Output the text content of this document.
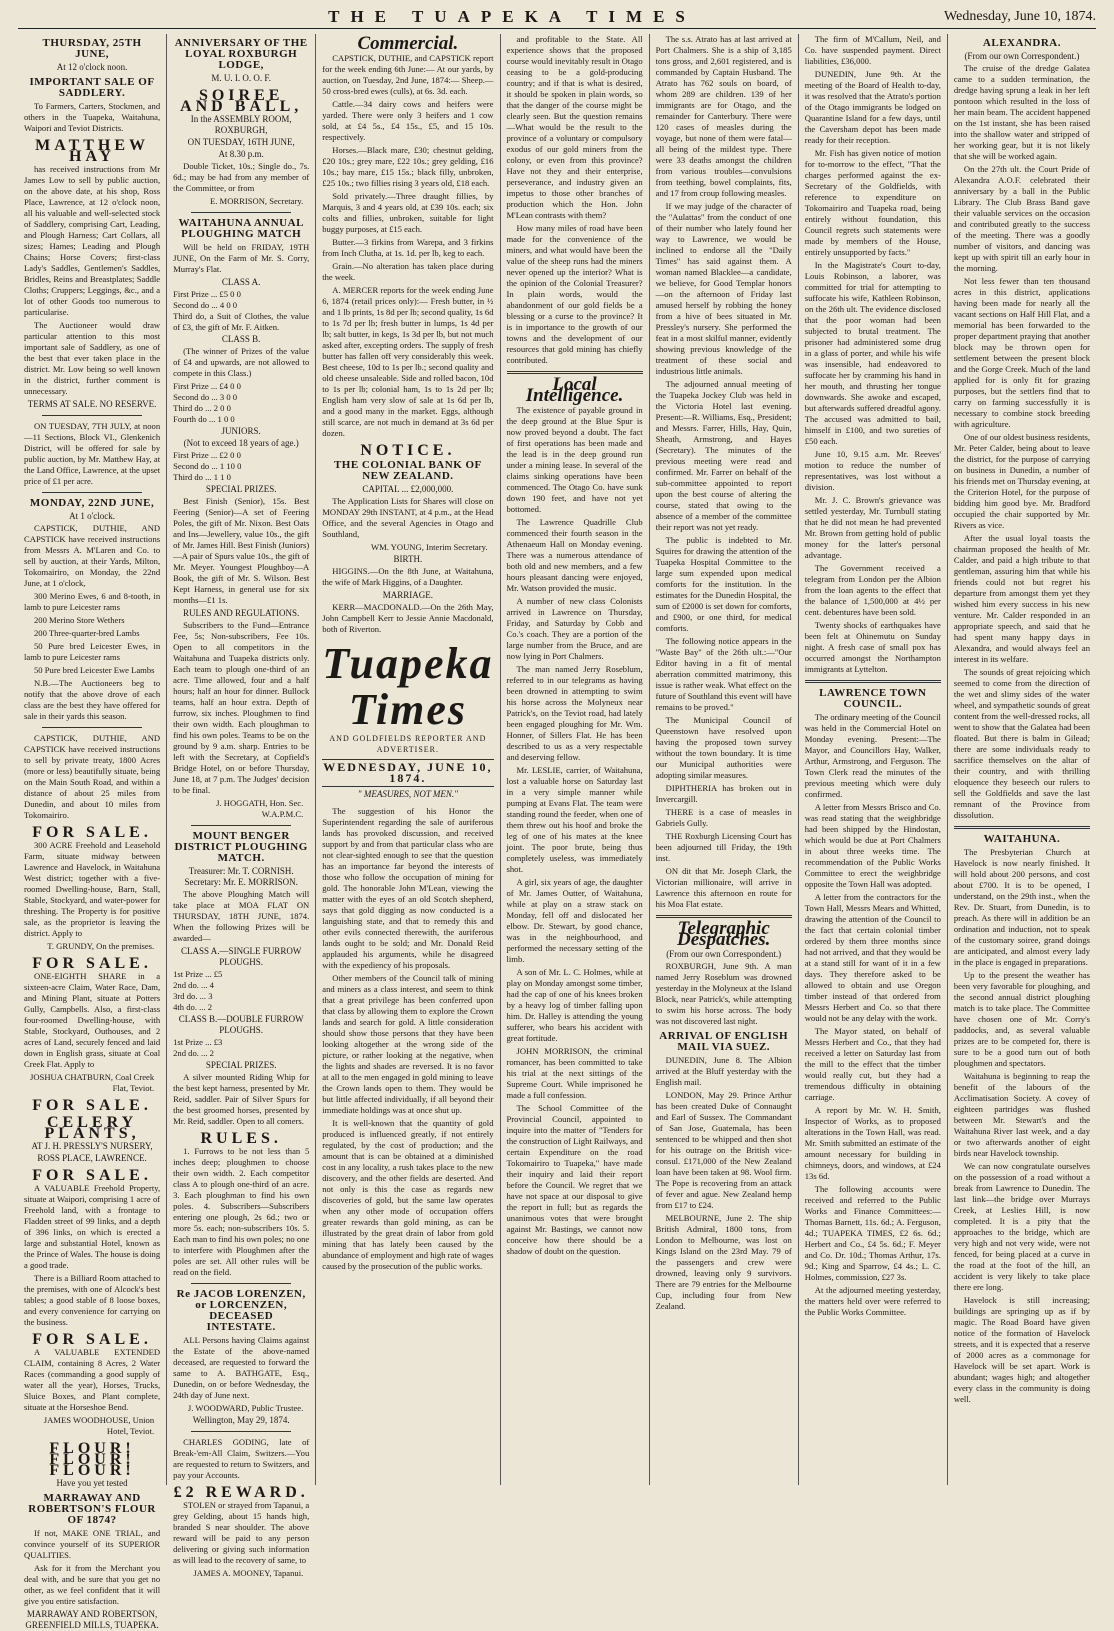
THE TUAPEKA TIMES	Wednesday, June 10, 1874.
THURSDAY, 25TH JUNE,
At 12 o'clock noon.
IMPORTANT SALE OF SADDLERY.

To Farmers, Carters, Stockmen, and others in the Tuapeka, Waitahuna, Waipori and Teviot Districts.

MATTHEW HAY

has received instructions from Mr James Low to sell by public auction, on the above date, at his shop, Ross Place, Lawrence, at 12 o'clock noon, all his valuable and well-selected stock of Saddlery, comprising Cart, Leading, and Plough Harness; Cart Collars, all sizes; Hames; Leading and Plough Chains; Horse Covers; first-class Lady's Saddles, Gentlemen's Saddles, Bridles, Reins and Breastplates; Saddle Cloths; Cruppers; Leggings, &c., and a lot of other Goods too numerous to particularise.

The Auctioneer would draw particular attention to this most important sale of Saddlery, as one of the best that ever taken place in the district. Mr. Low being so well known in the district, further comment is unnecessary.

TERMS AT SALE. NO RESERVE.

ON TUESDAY, 7TH JULY, at noon—11 Sections, Block VI., Glenkenich District, will be offered for sale by public auction, by Mr. Matthew Hay, at the Land Office, Lawrence, at the upset price of £1 per acre.

MONDAY, 22ND JUNE,
At 1 o'clock.

CAPSTICK, DUTHIE, AND CAPSTICK have received instructions from Messrs A. M'Laren and Co. to sell by auction, at their Yards, Milton, Tokomairiro, on Monday, the 22nd June, at 1 o'clock,

300 Merino Ewes, 6 and 8-tooth, in lamb to pure Leicester rams

200 Merino Store Wethers

200 Three-quarter-bred Lambs

50 Pure bred Leicester Ewes, in lamb to pure Leicester rams

50 Pure bred Leicester Ewe Lambs

N.B.—The Auctioneers beg to notify that the above drove of each class are the best they have offered for sale in their yards this season.

CAPSTICK, DUTHIE, AND CAPSTICK have received instructions to sell by private treaty, 1800 Acres (more or less) beautifully situate, being on the Main South Road, and within a distance of about 25 miles from Dunedin, and about 10 miles from Tokomairiro.

FOR SALE.

300 ACRE Freehold and Leasehold Farm, situate midway between Lawrence and Havelock, in Waitahuna West district; together with a five-roomed Dwelling-house, Barn, Stall, Stable, Stockyard, and water-power for threshing. The Property is for positive sale, as the proprietor is leaving the district. Apply to

T. GRUNDY, On the premises.
FOR SALE.

ONE-EIGHTH SHARE in a sixteen-acre Claim, Water Race, Dam, and Mining Plant, situate at Potters Gully, Campbells. Also, a first-class four-roomed Dwelling-house, with Stable, Stockyard, Outhouses, and 2 acres of Land, securely fenced and laid down in English grass, situate at Coal Creek Flat. Apply to

JOSHUA CHATBURN, Coal Creek Flat, Teviot.
FOR SALE.
CELERY PLANTS,
AT J. H. PRESSLY'S NURSERY,
ROSS PLACE, LAWRENCE.
FOR SALE.

A VALUABLE Freehold Property, situate at Waipori, comprising 1 acre of Freehold land, with a frontage to Fladden street of 99 links, and a depth of 396 links, on which is erected a large and substantial Hotel, known as the Prince of Wales. The house is doing a good trade.

There is a Billiard Room attached to the premises, with one of Alcock's best tables; a good stable of 8 loose boxes, and every convenience for carrying on the business.

FOR SALE.

A VALUABLE EXTENDED CLAIM, containing 8 Acres, 2 Water Races (commanding a good supply of water all the year), Horses, Trucks, Sluice Boxes, and Plant complete, situate at the Horseshoe Bend.

JAMES WOODHOUSE, Union Hotel, Teviot.
FLOUR! FLOUR! FLOUR!
Have you yet tested
MARRAWAY AND ROBERTSON'S FLOUR OF 1874?

If not, MAKE ONE TRIAL, and convince yourself of its SUPERIOR QUALITIES.

Ask for it from the Merchant you deal with, and be sure that you get no other, as we feel confident that it will give you entire satisfaction.

MARRAWAY AND ROBERTSON, GREENFIELD MILLS, TUAPEKA.
ANNIVERSARY OF THE LOYAL ROXBURGH LODGE,
M. U. I. O. O. F.
SOIREE AND BALL,
In the ASSEMBLY ROOM, ROXBURGH,
ON TUESDAY, 16TH JUNE,
At 8.30 p.m.

Double Ticket, 10s.; Single do., 7s. 6d.; may be had from any member of the Committee, or from

E. MORRISON, Secretary.
WAITAHUNA ANNUAL PLOUGHING MATCH

Will be held on FRIDAY, 19TH JUNE, On the Farm of Mr. S. Corry, Murray's Flat.

CLASS A.
First Prize ... £5 0 0
Second do ... 4 0 0
Third do, a Suit of Clothes, the value of £3, the gift of Mr. F. Aitken.
CLASS B.

(The winner of Prizes of the value of £4 and upwards, are not allowed to compete in this Class.)

First Prize ... £4 0 0
Second do ... 3 0 0
Third do ... 2 0 0
Fourth do ... 1 0 0
JUNIORS.
(Not to exceed 18 years of age.)
First Prize ... £2 0 0
Second do ... 1 10 0
Third do ... 1 1 0
SPECIAL PRIZES.

Best Finish (Senior), 15s. Best Feering (Senior)—A set of Feering Poles, the gift of Mr. Nixon. Best Oats and Ins—Jewellery, value 10s., the gift of Mr. James Hill. Best Finish (Juniors)—A pair of Spurs value 10s., the gift of Mr. Meyer. Youngest Ploughboy—A Book, the gift of Mr. S. Wilson. Best Kept Harness, in general use for six months—£1 1s.

RULES AND REGULATIONS.

Subscribers to the Fund—Entrance Fee, 5s; Non-subscribers, Fee 10s. Open to all competitors in the Waitahuna and Tuapeka districts only. Each team to plough one-third of an acre. Time allowed, four and a half hours; half an hour for dinner. Bullock teams, half an hour extra. Depth of furrow, six inches. Ploughmen to find their own width. Each ploughman to find his own poles. Teams to be on the ground by 9 a.m. sharp. Entries to be left with the Secretary, at Copfield's Bridge Hotel, on or before Thursday, June 18, at 7 p.m. The Judges' decision to be final.

J. HOGGATH, Hon. Sec. W.A.P.M.C.
MOUNT BENGER DISTRICT PLOUGHING MATCH.
Treasurer: Mr. T. CORNISH. Secretary: Mr. E. MORRISON.

The above Ploughing Match will take place at MOA FLAT ON THURSDAY, 18TH JUNE, 1874. When the following Prizes will be awarded—

CLASS A.—SINGLE FURROW PLOUGHS.
1st Prize ... £5
2nd do. ... 4
3rd do. ... 3
4th do. ... 2
CLASS B.—DOUBLE FURROW PLOUGHS.
1st Prize ... £3
2nd do. ... 2
SPECIAL PRIZES.

A silver mounted Riding Whip for the best kept harness, presented by Mr. Reid, saddler. Pair of Silver Spurs for the best groomed horses, presented by Mr. Reid, saddler. Open to all comers.

RULES.

1. Furrows to be not less than 5 inches deep; ploughmen to choose their own width. 2. Each competitor class A to plough one-third of an acre. 3. Each ploughman to find his own poles. 4. Subscribers—Subscribers entering one plough, 2s 6d.; two or more 5s. each; non-subscribers 10s. 5. Each man to find his own poles; no one to interfere with Ploughmen after the poles are set. All other rules will be read on the field.

Re JACOB LORENZEN, or LORCENZEN, DECEASED INTESTATE.

ALL Persons having Claims against the Estate of the above-named deceased, are requested to forward the same to A. BATHGATE, Esq., Dunedin, on or before Wednesday, the 24th day of June next.

J. WOODWARD, Public Trustee.
Wellington, May 29, 1874.

CHARLES GODING, late of Break-'em-All Claim, Switzers.—You are requested to return to Switzers, and pay your Accounts.

£2 REWARD.

STOLEN or strayed from Tapanui, a grey Gelding, about 15 hands high, branded S near shoulder. The above reward will be paid to any person delivering or giving such information as will lead to the recovery of same, to

JAMES A. MOONEY, Tapanui.
Commercial.

CAPSTICK, DUTHIE, and CAPSTICK report for the week ending 6th June:— At our yards, by auction, on Tuesday, 2nd June, 1874:— Sheep.—50 cross-bred ewes (culls), at 6s. 3d. each.

Cattle.—34 dairy cows and heifers were yarded. There were only 3 heifers and 1 cow sold, at £4 5s., £4 15s., £5, and 15 10s. respectively.

Horses.—Black mare, £30; chestnut gelding, £20 10s.; grey mare, £22 10s.; grey gelding, £16 10s.; bay mare, £15 15s.; black filly, unbroken, £25 10s.; two fillies rising 3 years old, £18 each.

Sold privately.—Three draught fillies, by Marquis, 3 and 4 years old, at £39 10s. each; six colts and fillies, unbroken, suitable for light buggy purposes, at £15 each.

Butter.—3 firkins from Warepa, and 3 firkins from Inch Clutha, at 1s. 1d. per lb, keg to each.

Grain.—No alteration has taken place during the week.

A. MERCER reports for the week ending June 6, 1874 (retail prices only):— Fresh butter, in ½ and 1 lb prints, 1s 8d per lb; second quality, 1s 6d to 1s 7d per lb; fresh butter in lumps, 1s 4d per lb; salt butter, in kegs, 1s 3d per lb, but not much asked after, excepting orders. The supply of fresh butter has fallen off very considerably this week. Best cheese, 10d to 1s per lb.; second quality and old cheese unsaleable. Side and rolled bacon, 10d to 1s per lb; colonial ham, 1s to 1s 2d per lb; English ham very slow of sale at 1s 6d per lb, and a good many in the market. Eggs, although still scarce, are not much in demand at 3s 6d per dozen.

NOTICE.
THE COLONIAL BANK OF NEW ZEALAND.
CAPITAL ... £2,000,000.

The Application Lists for Shares will close on MONDAY 29th INSTANT, at 4 p.m., at the Head Office, and the several Agencies in Otago and Southland,

WM. YOUNG, Interim Secretary.
BIRTH.

HIGGINS.—On the 8th June, at Waitahuna, the wife of Mark Higgins, of a Daughter.

MARRIAGE.

KERR—MACDONALD.—On the 26th May, John Campbell Kerr to Jessie Annie Macdonald, both of Riverton.

Tuapeka Times
AND GOLDFIELDS REPORTER AND ADVERTISER.
WEDNESDAY, JUNE 10, 1874.
" MEASURES, NOT MEN."

The suggestion of his Honor the Superintendent regarding the sale of auriferous lands has provoked discussion, and received support by and from that particular class who are not clear-sighted enough to see that the question has an importance far beyond the interests of those who follow the occupation of mining for gold. The honorable John M'Lean, viewing the matter with the eyes of an old Scotch shepherd, says that gold digging as now conducted is a languishing state, and that to remedy this and other evils connected therewith, the auriferous lands ought to be sold; and Mr. Donald Reid applauded his arguments, while he disagreed with the expediency of his proposals.

Other members of the Council talk of mining and miners as a class interest, and seem to think that a great privilege has been conferred upon that class by allowing them to explore the Crown lands and search for gold. A little consideration should show those persons that they have been looking altogether at the wrong side of the picture, or rather looking at the negative, when the lights and shades are reversed. It is no favor at all to the men engaged in gold mining to leave the Crown lands open to them. They would be but little affected individually, if all beyond their immediate holdings was at once shut up.

It is well-known that the quantity of gold produced is influenced greatly, if not entirely regulated, by the cost of production; and the amount that is can be obtained at a diminished cost in any locality, a rush takes place to the new discovery, and the other fields are deserted. And not only is this the case as regards new discoveries of gold, but the same law operates when any other mode of occupation offers greater rewards than gold mining, as can be illustrated by the great drain of labor from gold mining that has lately been caused by the abundance of employment and high rate of wages caused by the prosecution of the public works.

and profitable to the State. All experience shows that the proposed course would inevitably result in Otago ceasing to be a gold-producing country; and if that is what is desired, it should be spoken in plain words, so that the danger of the course might be clearly seen. But the question remains—What would be the result to the province of a voluntary or compulsory exodus of our gold miners from the colony, or even from this province? Have not they and their enterprise, perseverance, and industry given an impetus to those other branches of production which the Hon. John M'Lean contrasts with them?

How many miles of road have been made for the convenience of the miners, and what would have been the value of the sheep runs had the miners never opened up the interior? What is the opinion of the Colonial Treasurer? In plain words, would the abandonment of our gold fields be a blessing or a curse to the province? It is in importance to the growth of our towns and the development of our resources that gold mining has chiefly contributed.

Local Intelligence.

The existence of payable ground in the deep ground at the Blue Spur is now proved beyond a doubt. The fact of first operations has been made and the lead is in the deep ground run under a mining lease. In several of the claims sinking operations have been commenced. The Otago Co. have sunk down 190 feet, and have not yet bottomed.

The Lawrence Quadrille Club commenced their fourth season in the Athenaeum Hall on Monday evening. There was a numerous attendance of both old and new members, and a few hours pleasant dancing were enjoyed, Mr. Watson provided the music.

A number of new class Colonists arrived in Lawrence on Thursday, Friday, and Saturday by Cobb and Co.'s coach. They are a portion of the large number from the Bruce, and are now lying in Port Chalmers.

The man named Jerry Roseblum, referred to in our telegrams as having been drowned in attempting to swim his horse across the Molyneux near Patrick's, on the Teviot road, had lately been engaged ploughing for Mr. Wm. Honner, of Sillers Flat. He has been described to us as a very respectable and deserving fellow.

Mr. LESLIE, carrier, of Waitahuna, lost a valuable horse on Saturday last in a very simple manner while pumping at Evans Flat. The team were standing round the feeder, when one of them threw out his hoof and broke the leg of one of his mates at the knee joint. The poor brute, being thus completely useless, was immediately shot.

A girl, six years of age, the daughter of Mr. James Outter, of Waitahuna, while at play on a straw stack on Monday, fell off and dislocated her elbow. Dr. Stewart, by good chance, was in the neighbourhood, and performed the necessary setting of the limb.

A son of Mr. L. C. Holmes, while at play on Monday amongst some timber, had the cap of one of his knees broken by a heavy log of timber falling upon him. Dr. Halley is attending the young sufferer, who bears his accident with great fortitude.

JOHN MORRISON, the criminal romancer, has been committed to take his trial at the next sittings of the Supreme Court. While imprisoned he made a full confession.

The School Committee of the Provincial Council, appointed to inquire into the matter of "Tenders for the construction of Light Railways, and certain Expenditure on the road Tokomairiro to Tuapeka," have made their inquiry and laid their report before the Council. We regret that we have not space at our disposal to give the report in full; but as regards the unanimous votes that were brought against Mr. Bastings, we cannot now conceive how there should be a shadow of doubt on the question.

The s.s. Atrato has at last arrived at Port Chalmers. She is a ship of 3,185 tons gross, and 2,601 registered, and is commanded by Captain Husband. The Atrato has 762 souls on board, of whom 289 are children. 139 of her immigrants are for Otago, and the remainder for Canterbury. There were 120 cases of measles during the voyage, but none of them were fatal—all being of the mildest type. There were 33 deaths amongst the children from various troubles—convulsions from teething, bowel complaints, fits, and 17 from croup following measles.

If we may judge of the character of the "Aulattas" from the conduct of one of their number who lately found her way to Lawrence, we would be inclined to endorse all the "Daily Times" has said against them. A woman named Blacklee—a candidate, we believe, for Good Templar honors—on the afternoon of Friday last amused herself by robbing the honey from a hive of bees situated in Mr. Pressley's nursery. She performed the feat in a most skilful manner, evidently showing previous knowledge of the treatment of these social and industrious little animals.

The adjourned annual meeting of the Tuapeka Jockey Club was held in the Victoria Hotel last evening. Present:—R. Williams, Esq., President; and Messrs. Farrer, Hills, Hay, Quin, Sheath, Armstrong, and Hayes (Secretary). The minutes of the previous meeting were read and confirmed. Mr. Farrer on behalf of the sub-committee appointed to report upon the best course of altering the course, stated that owing to the absence of a member of the committee their report was not yet ready.

The public is indebted to Mr. Squires for drawing the attention of the Tuapeka Hospital Committee to the large sum expended upon medical comforts for the institution. In the estimates for the Dunedin Hospital, the sum of £2000 is set down for comforts, and £900, or one third, for medical comforts.

The following notice appears in the "Waste Bay" of the 26th ult.:—"Our Editor having in a fit of mental aberration committed matrimony, this issue is rather weak. What effect on the future of Southland this event will have remains to be proved."

The Municipal Council of Queenstown have resolved upon having the proposed town survey without the town boundary. It is time our Municipal authorities were adopting similar measures.

DIPHTHERIA has broken out in Invercargill.

THERE is a case of measles in Gabriels Gully.

THE Roxburgh Licensing Court has been adjourned till Friday, the 19th inst.

ON dit that Mr. Joseph Clark, the Victorian millionaire, will arrive in Lawrence this afternoon en route for his Moa Flat estate.

Telegraphic Despatches.
(From our own Correspondent.)

ROXBURGH, June 9th. A man named Jerry Roseblum was drowned yesterday in the Molyneux at the Island Block, near Patrick's, while attempting to swim his horse across. The body was not discovered last night.

ARRIVAL OF ENGLISH MAIL VIA SUEZ.

DUNEDIN, June 8. The Albion arrived at the Bluff yesterday with the English mail.

LONDON, May 29. Prince Arthur has been created Duke of Connaught and Earl of Sussex. The Commandant of San Jose, Guatemala, has been sentenced to be whipped and then shot for his outrage on the British vice-consul. £171,000 of the New Zealand loan have been taken at 98. Wool firm. The Pope is recovering from an attack of fever and ague. New Zealand hemp from £17 to £24.

MELBOURNE, June 2. The ship British Admiral, 1800 tons, from London to Melbourne, was lost on Kings Island on the 23rd May. 79 of the passengers and crew were drowned, leaving only 9 survivors. There are 79 entries for the Melbourne Cup, including four from New Zealand.

The firm of M'Callum, Neil, and Co. have suspended payment. Direct liabilities, £36,000.

DUNEDIN, June 9th. At the meeting of the Board of Health to-day, it was resolved that the Atrato's portion of the Otago immigrants be lodged on Quarantine Island for a few days, until the Caversham depot has been made ready for their reception.

Mr. Fish has given notice of motion for to-morrow to the effect, "That the charges performed against the ex-Secretary of the Goldfields, with reference to expenditure on Tokomairiro and Tuapeka road, being entirely without foundation, this Council regrets such statements were made by members of the House, entirely unsupported by facts."

In the Magistrate's Court to-day, Louis Robinson, a laborer, was committed for trial for attempting to suffocate his wife, Kathleen Robinson, on the 26th ult. The evidence disclosed that the poor woman had been subjected to brutal treatment. The prisoner had administered some drug in a glass of porter, and while his wife was insensible, had endeavored to suffocate her by cramming his hand in her mouth, and thrusting her tongue downwards. She awoke and escaped, but afterwards suffered dreadful agony. The accused was admitted to bail, himself in £100, and two sureties of £50 each.

June 10, 9.15 a.m. Mr. Reeves' motion to reduce the number of representatives, was lost without a division.

Mr. J. C. Brown's grievance was settled yesterday, Mr. Turnbull stating that he did not mean he had prevented Mr. Brown from getting hold of public money for the latter's personal advantage.

The Government received a telegram from London per the Albion from the loan agents to the effect that the balance of 1,500,000 at 4½ per cent. debentures have been sold.

Twenty shocks of earthquakes have been felt at Ohinemutu on Sunday night. A fresh case of small pox has occurred amongst the Northampton immigrants at Lyttelton.

LAWRENCE TOWN COUNCIL.

The ordinary meeting of the Council was held in the Commercial Hotel on Monday evening. Present:—The Mayor, and Councillors Hay, Walker, Arthur, Armstrong, and Ferguson. The Town Clerk read the minutes of the previous meeting which were duly confirmed.

A letter from Messrs Brisco and Co. was read stating that the weighbridge had been shipped by the Hindostan, which would be due at Port Chalmers in about three weeks time. The recommendation of the Public Works Committee to erect the weighbridge opposite the Town Hall was adopted.

A letter from the contractors for the Town Hall, Messrs Mears and Whitted, drawing the attention of the Council to the fact that certain colonial timber ordered by them three months since had not arrived, and that they would be at a stand still for want of it in a few days. They therefore asked to be allowed to obtain and use Oregon timber instead of that ordered from Messrs Herbert and Co. so that there would not be any delay with the work.

The Mayor stated, on behalf of Messrs Herbert and Co., that they had received a letter on Saturday last from the mill to the effect that the timber would really cut, but they had a tremendous difficulty in obtaining carriage.

A report by Mr. W. H. Smith, Inspector of Works, as to proposed alterations in the Town Hall, was read. Mr. Smith submitted an estimate of the amount necessary for building in chimneys, doors, and windows, at £24 13s 6d.

The following accounts were received and referred to the Public Works and Finance Committees:—Thomas Barnett, 11s. 6d.; A. Ferguson, 4d.; TUAPEKA TIMES, £2 6s. 6d.; Herbert and Co., £4 5s. 6d.; F. Meyer and Co. Dr. 10d.; Thomas Arthur, 17s. 9d.; King and Sparrow, £4 4s.; L. C. Holmes, commission, £27 3s.

At the adjourned meeting yesterday, the matters held over were referred to the Public Works Committee.

ALEXANDRA.
(From our own Correspondent.)

The cruise of the dredge Galatea came to a sudden termination, the dredge having sprung a leak in her left pontoon which resulted in the loss of her main beam. The accident happened on the 1st instant, she has been raised into the shallow water and stripped of her working gear, but it is not likely that she will be worked again.

On the 27th ult. the Court Pride of Alexandra A.O.F. celebrated their anniversary by a ball in the Public Library. The Club Brass Band gave their valuable services on the occasion and contributed greatly to the success of the meeting. There was a goodly number of visitors, and dancing was kept up with spirit till an early hour in the morning.

Not less fewer than ten thousand acres in this district, applications having been made for nearly all the vacant sections on Half Hill Flat, and a memorial has been forwarded to the proper department praying that another block may be thrown open for settlement between the present block and the Gorge Creek. Much of the land applied for is only fit for grazing purposes, but the settlers find that to carry on farming successfully it is necessary to combine stock breeding with agriculture.

One of our oldest business residents, Mr. Peter Calder, being about to leave the district, for the purpose of carrying on business in Dunedin, a number of his friends met on Thursday evening, at the Criterion Hotel, for the purpose of bidding him good bye. Mr. Bradford occupied the chair supported by Mr. Rivers as vice.

After the usual loyal toasts the chairman proposed the health of Mr. Calder, and paid a high tribute to that gentleman, assuring him that while his friends could not but regret his departure from amongst them yet they wished him every success in his new venture. Mr. Calder responded in an appropriate speech, and said that he had spent many happy days in Alexandra, and would always feel an interest in its welfare.

The sounds of great rejoicing which seemed to come from the direction of the wet and slimy sides of the water wheel, and sympathetic sounds of great content from the well-dressed rocks, all went to show that the Galatea had been floated. But there is balm in Gilead; there are some individuals ready to sacrifice themselves on the altar of their country, and with thrilling eloquence they beseech our rulers to sell the Goldfields and save the last remnant of the Province from dissolution.

WAITAHUNA.

The Presbyterian Church at Havelock is now nearly finished. It will hold about 200 persons, and cost about £700. It is to be opened, I understand, on the 29th inst., when the Rev. Dr. Stuart, from Dunedin, is to preach. As there will in addition be an ordination and induction, not to speak of the customary soiree, grand doings are anticipated, and almost every lady in the place is engaged in preparations.

Up to the present the weather has been very favorable for ploughing, and the second annual district ploughing match is to take place. The Committee have chosen one of Mr. Corry's paddocks, and, as several valuable prizes are to be competed for, there is sure to be a good turn out of both ploughmen and spectators.

Waitahuna is beginning to reap the benefit of the labours of the Acclimatisation Society. A covey of eighteen partridges was flushed between Mr. Stewart's and the Waitahuna River last week, and a day or two afterwards another of eight birds near Havelock township.

We can now congratulate ourselves on the possession of a road without a break from Lawrence to Dunedin. The last link—the bridge over Murrays Creek, at Leslies Hill, is now completed. It is a pity that the approaches to the bridge, which are very high and not very wide, were not fenced, for being placed at a curve in the road at the foot of the hill, an accident is very likely to take place there ere long.

Havelock is still increasing; buildings are springing up as if by magic. The Road Board have given notice of the formation of Havelock streets, and it is expected that a reserve of 2000 acres as a commonage for Havelock will be set apart. Work is abundant; wages high; and altogether every class in the community is doing well.
